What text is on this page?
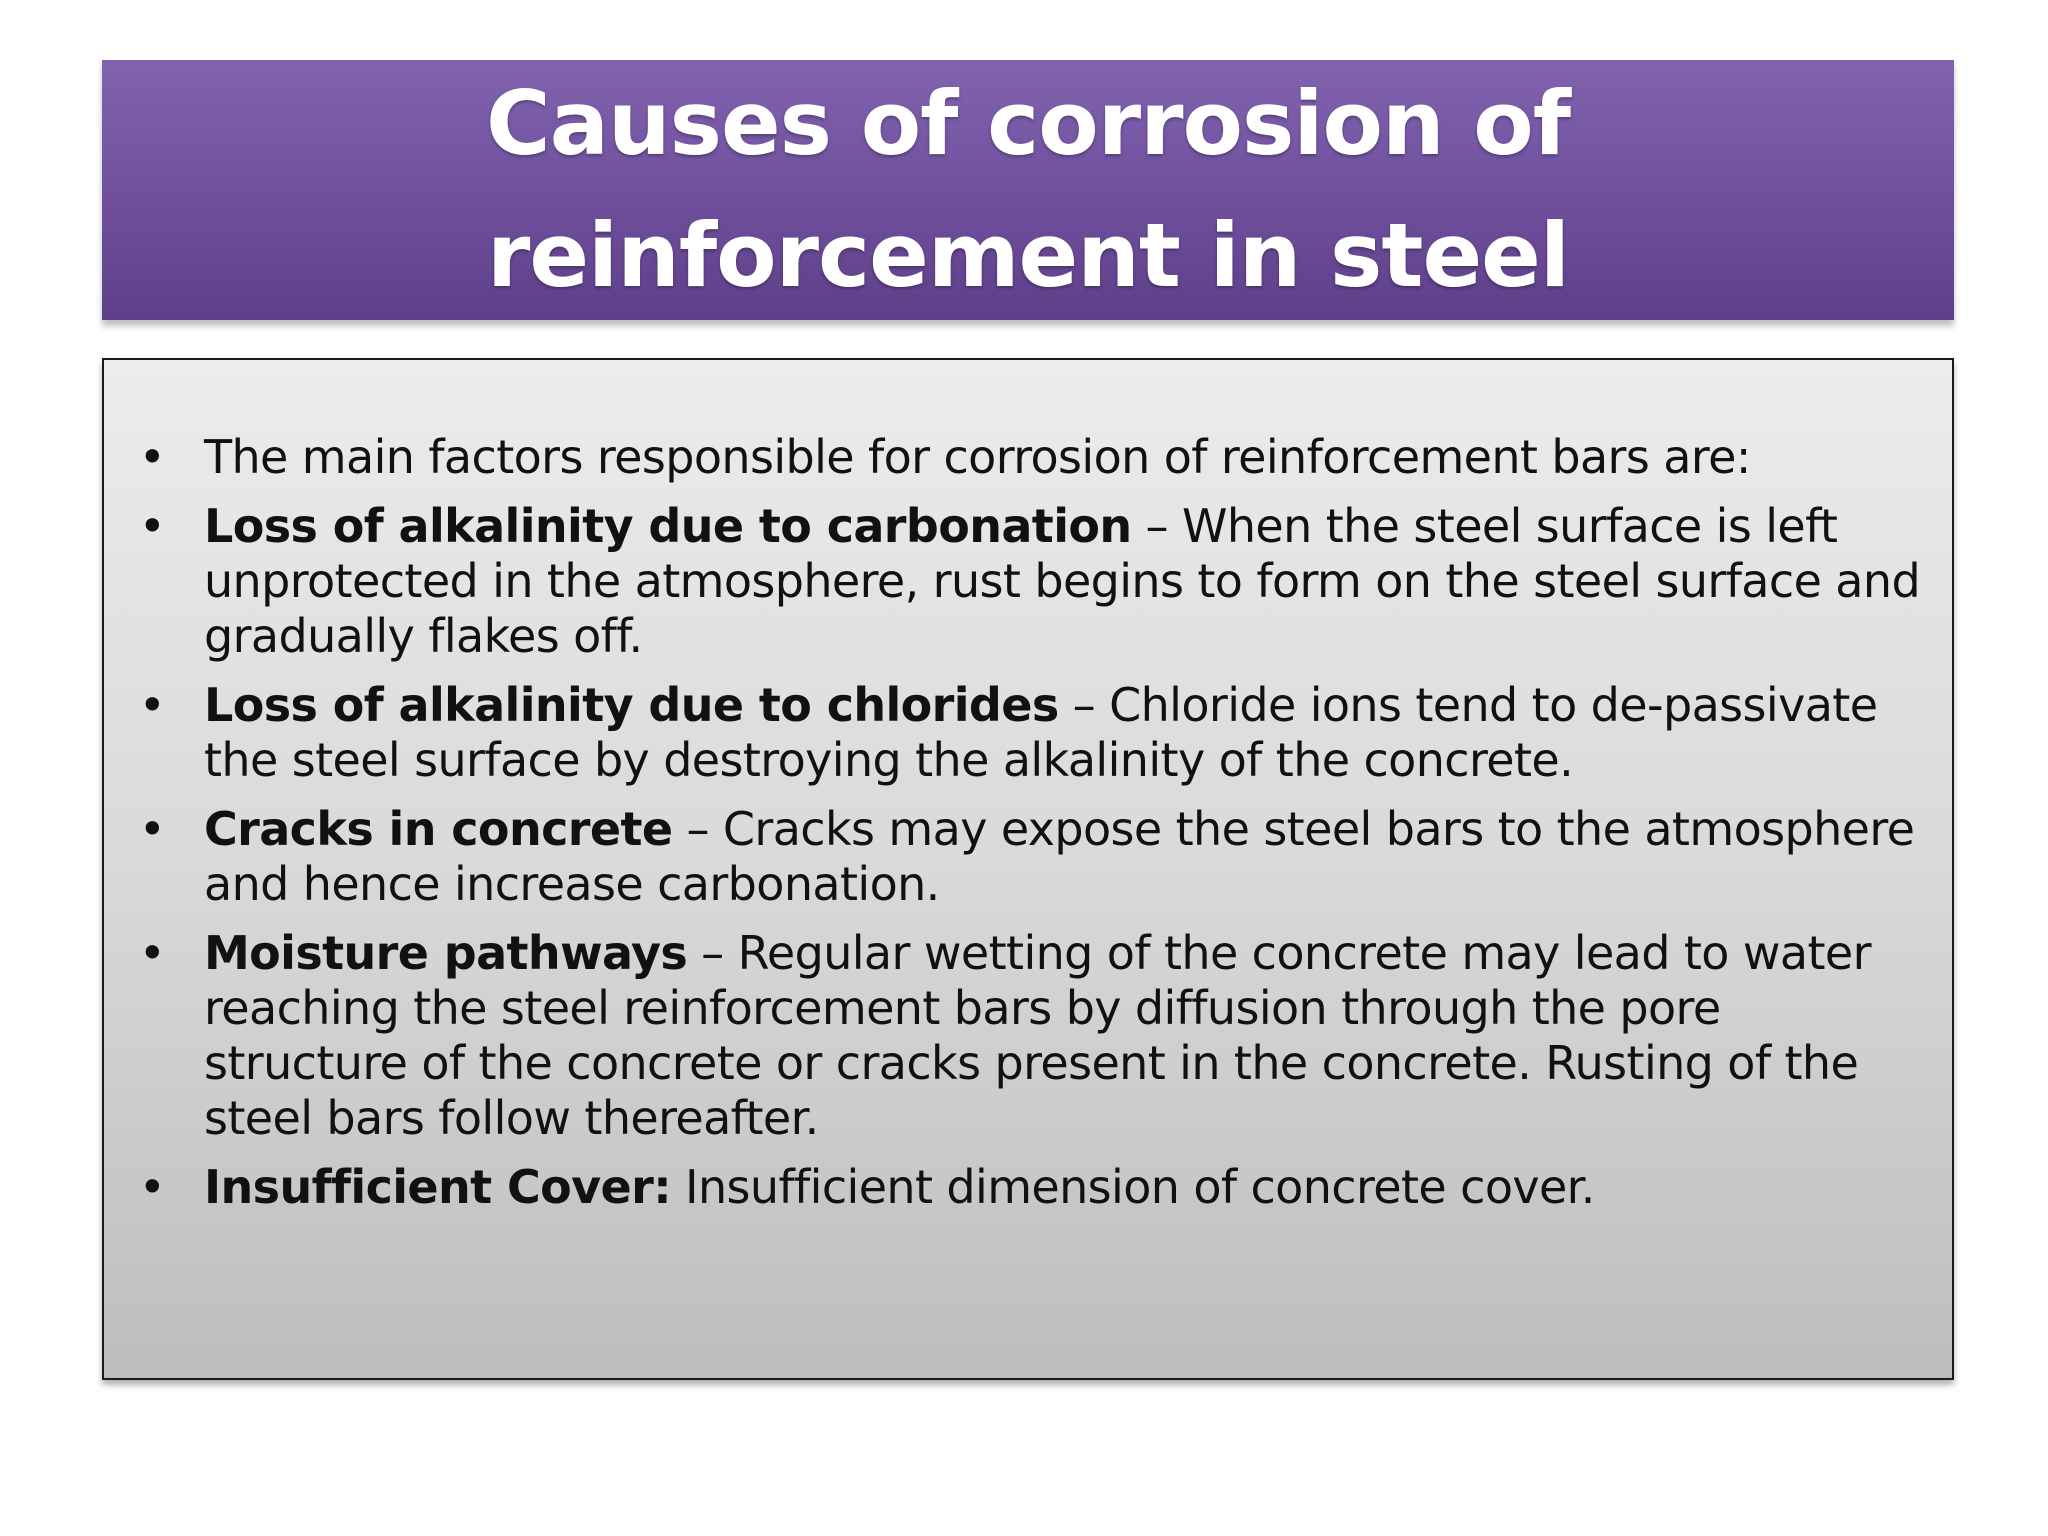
Causes of corrosion of reinforcement in steel
• The main factors responsible for corrosion of reinforcement bars are:
• Loss of alkalinity due to carbonation – When the steel surface is left unprotected in the atmosphere, rust begins to form on the steel surface and gradually flakes off.
• Loss of alkalinity due to chlorides – Chloride ions tend to de-passivate the steel surface by destroying the alkalinity of the concrete.
• Cracks in concrete – Cracks may expose the steel bars to the atmosphere and hence increase carbonation.
• Moisture pathways – Regular wetting of the concrete may lead to water reaching the steel reinforcement bars by diffusion through the pore structure of the concrete or cracks present in the concrete. Rusting of the steel bars follow thereafter.
• Insufficient Cover: Insufficient dimension of concrete cover.
